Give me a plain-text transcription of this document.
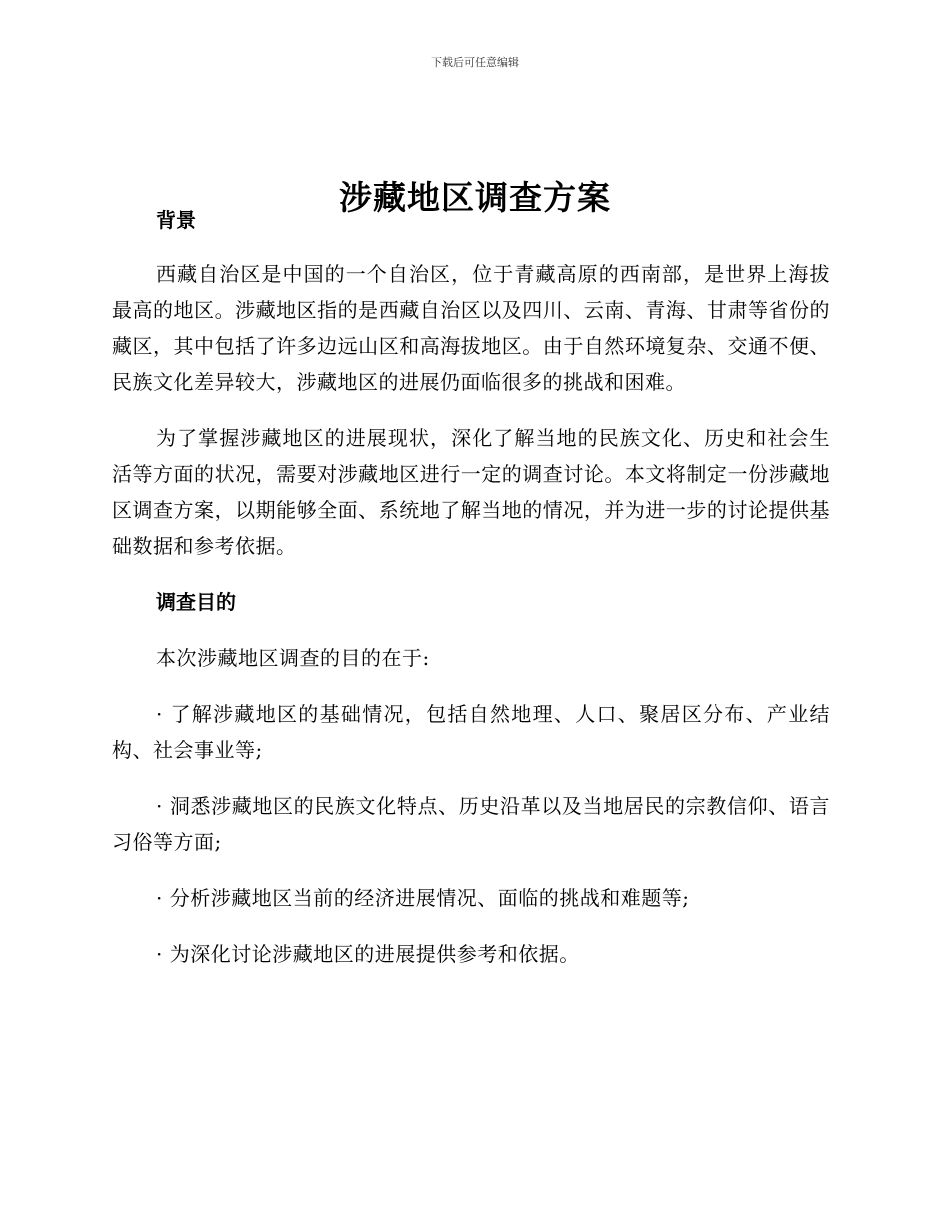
下载后可任意编辑
涉藏地区调查方案
背景

西藏自治区是中国的一个自治区，位于青藏高原的西南部，是世界上海拔最高的地区。涉藏地区指的是西藏自治区以及四川、云南、青海、甘肃等省份的藏区，其中包括了许多边远山区和高海拔地区。由于自然环境复杂、交通不便、民族文化差异较大，涉藏地区的进展仍面临很多的挑战和困难。

为了掌握涉藏地区的进展现状，深化了解当地的民族文化、历史和社会生活等方面的状况，需要对涉藏地区进行一定的调查讨论。本文将制定一份涉藏地区调查方案，以期能够全面、系统地了解当地的情况，并为进一步的讨论提供基础数据和参考依据。

调查目的

本次涉藏地区调查的目的在于:

· 了解涉藏地区的基础情况，包括自然地理、人口、聚居区分布、产业结构、社会事业等;

· 洞悉涉藏地区的民族文化特点、历史沿革以及当地居民的宗教信仰、语言习俗等方面;

· 分析涉藏地区当前的经济进展情况、面临的挑战和难题等;

· 为深化讨论涉藏地区的进展提供参考和依据。
